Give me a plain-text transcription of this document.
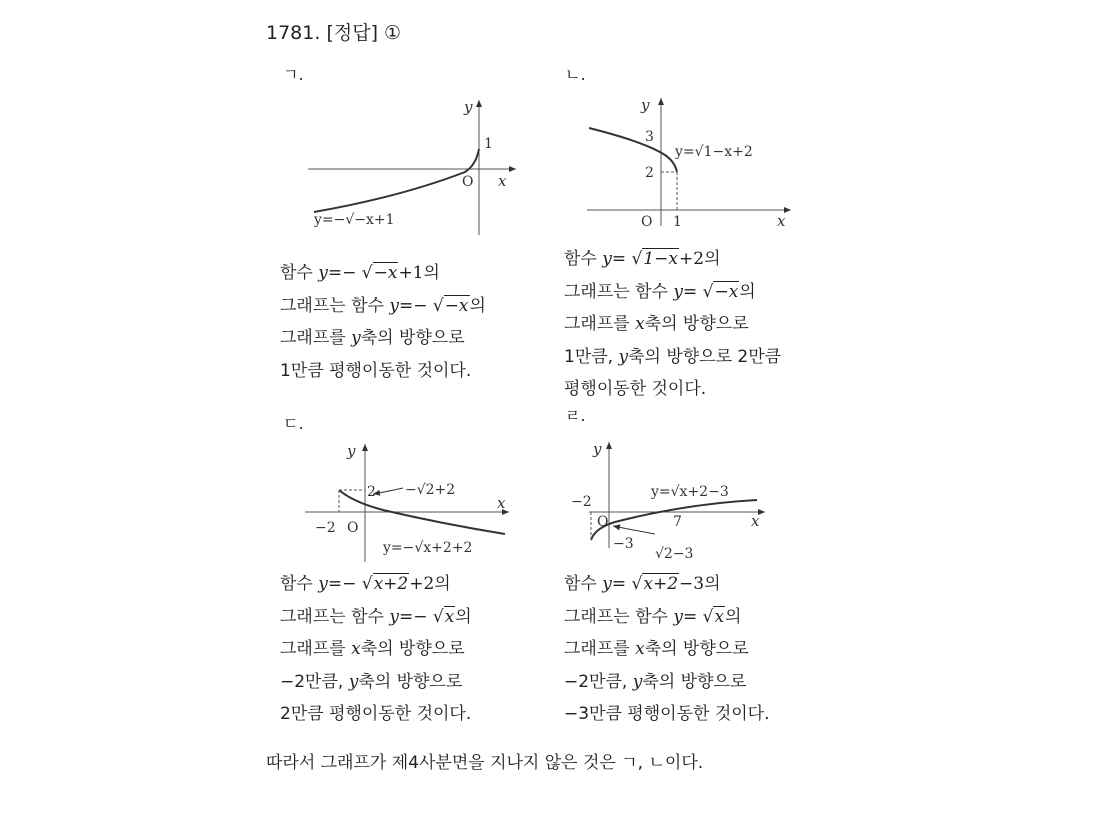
1781. [정답] ①
ㄱ.
1
O x
y
y=−√−x+1
함수 y=− √−x+1의
그래프는 함수 y=− √−x의
그래프를 y축의 방향으로
1만큼 평행이동한 것이다.
ㄴ.
3
2
1
O	x
y
y=√1−x+2
함수 y= √1−x+2의
그래프는 함수 y= √−x의
그래프를 x축의 방향으로
1만큼, y축의 방향으로 2만큼
평행이동한 것이다.
ㄷ.
2
−2 O
x
y
−√2+2
y=−√x+2+2
함수 y=− √x+2+2의
그래프는 함수 y=− √x의
그래프를 x축의 방향으로
−2만큼, y축의 방향으로
2만큼 평행이동한 것이다.
ㄹ.
−2
O	7
−3
x
y
√2−3
y=√x+2−3
함수 y= √x+2−3의
그래프는 함수 y= √x의
그래프를 x축의 방향으로
−2만큼, y축의 방향으로
−3만큼 평행이동한 것이다.
따라서 그래프가 제4사분면을 지나지 않은 것은 ㄱ, ㄴ이다.
